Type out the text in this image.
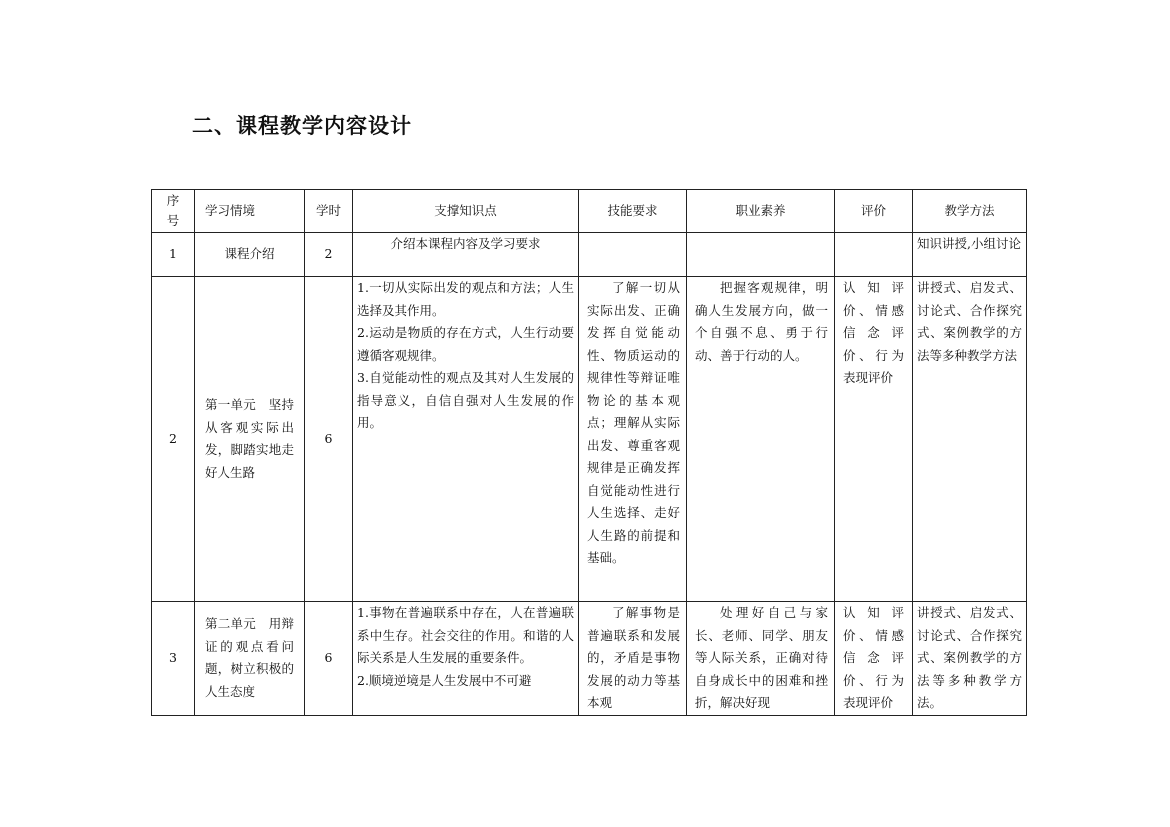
二、课程教学内容设计
序号	学习情境	学时	支撑知识点	技能要求	职业素养	评价	教学方法
1	课程介绍	2	介绍本课程内容及学习要求				知识讲授,小组讨论
2	第一单元　坚持从客观实际出发，脚踏实地走好人生路	6	1.一切从实际出发的观点和方法；人生选择及其作用。
2.运动是物质的存在方式，人生行动要遵循客观规律。
3.自觉能动性的观点及其对人生发展的指导意义，自信自强对人生发展的作用。	了解一切从实际出发、正确发挥自觉能动性、物质运动的规律性等辩证唯物论的基本观点；理解从实际出发、尊重客观规律是正确发挥自觉能动性进行人生选择、走好人生路的前提和基础。	把握客观规律，明确人生发展方向，做一个自强不息、勇于行动、善于行动的人。	认知评价、情感信念评价、行为表现评价	讲授式、启发式、讨论式、合作探究式、案例教学的方法等多种教学方法
3	第二单元　用辩证的观点看问题，树立积极的人生态度	6	1.事物在普遍联系中存在，人在普遍联系中生存。社会交往的作用。和谐的人际关系是人生发展的重要条件。
2.顺境逆境是人生发展中不可避	了解事物是普遍联系和发展的，矛盾是事物发展的动力等基本观	处理好自己与家长、老师、同学、朋友等人际关系，正确对待自身成长中的困难和挫折，解决好现	认知评价、情感信念评价、行为表现评价	讲授式、启发式、讨论式、合作探究式、案例教学的方法等多种教学方法。
